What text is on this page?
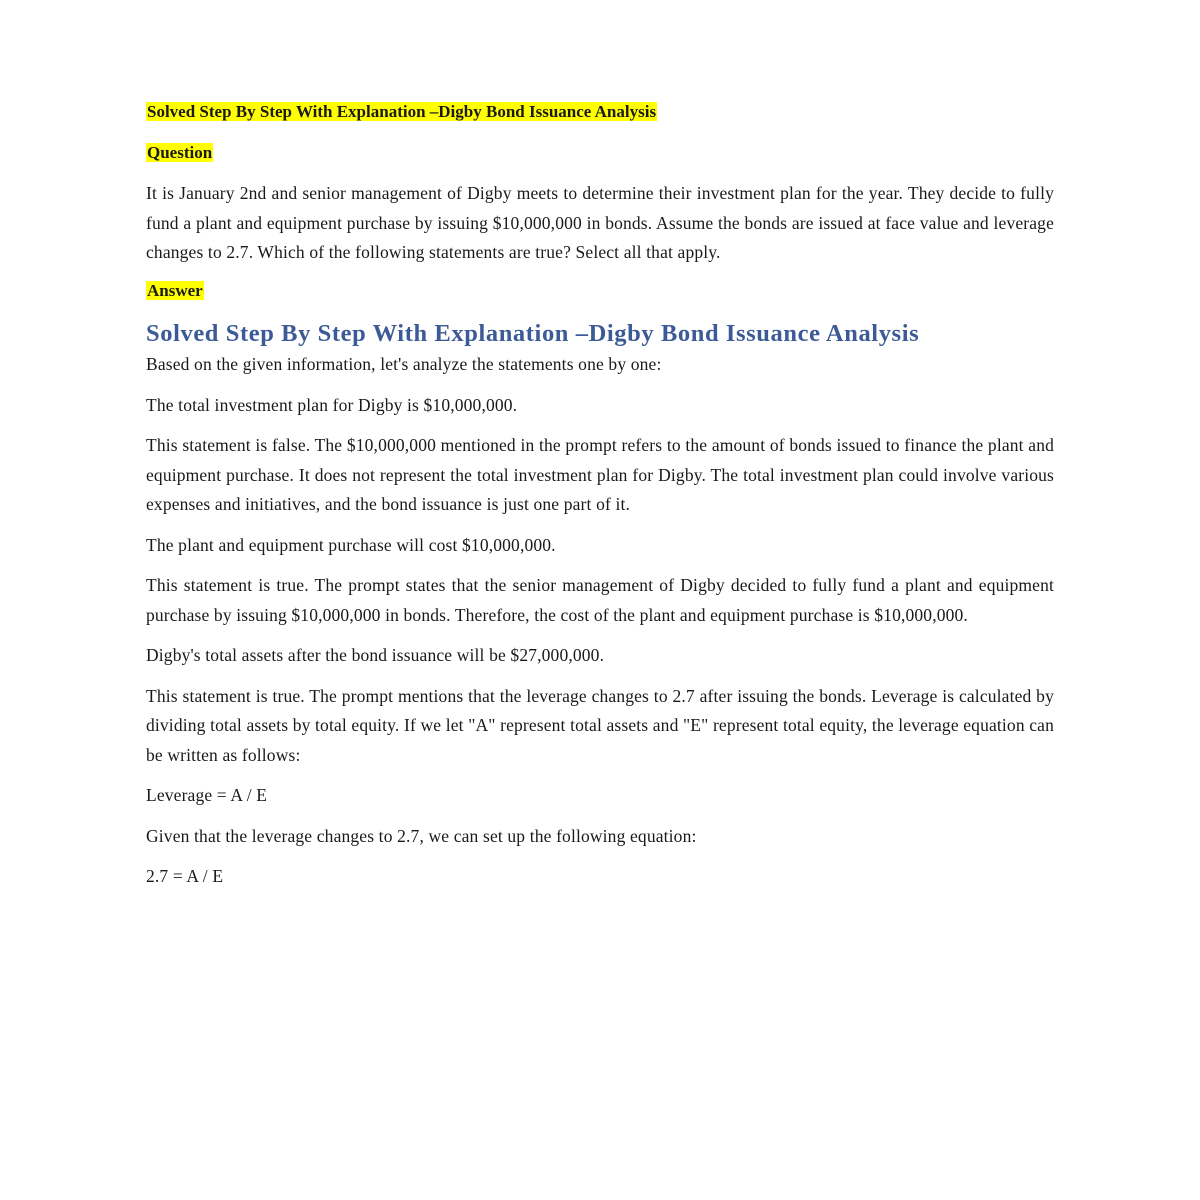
Solved Step By Step With Explanation –Digby Bond Issuance Analysis
Question

It is January 2nd and senior management of Digby meets to determine their investment plan for the year. They decide to fully fund a plant and equipment purchase by issuing $10,000,000 in bonds. Assume the bonds are issued at face value and leverage changes to 2.7. Which of the following statements are true? Select all that apply.

Answer
Solved Step By Step With Explanation –Digby Bond Issuance Analysis

Based on the given information, let's analyze the statements one by one:

The total investment plan for Digby is $10,000,000.

This statement is false. The $10,000,000 mentioned in the prompt refers to the amount of bonds issued to finance the plant and equipment purchase. It does not represent the total investment plan for Digby. The total investment plan could involve various expenses and initiatives, and the bond issuance is just one part of it.

The plant and equipment purchase will cost $10,000,000.

This statement is true. The prompt states that the senior management of Digby decided to fully fund a plant and equipment purchase by issuing $10,000,000 in bonds. Therefore, the cost of the plant and equipment purchase is $10,000,000.

Digby's total assets after the bond issuance will be $27,000,000.

This statement is true. The prompt mentions that the leverage changes to 2.7 after issuing the bonds. Leverage is calculated by dividing total assets by total equity. If we let "A" represent total assets and "E" represent total equity, the leverage equation can be written as follows:

Leverage = A / E

Given that the leverage changes to 2.7, we can set up the following equation:

2.7 = A / E
